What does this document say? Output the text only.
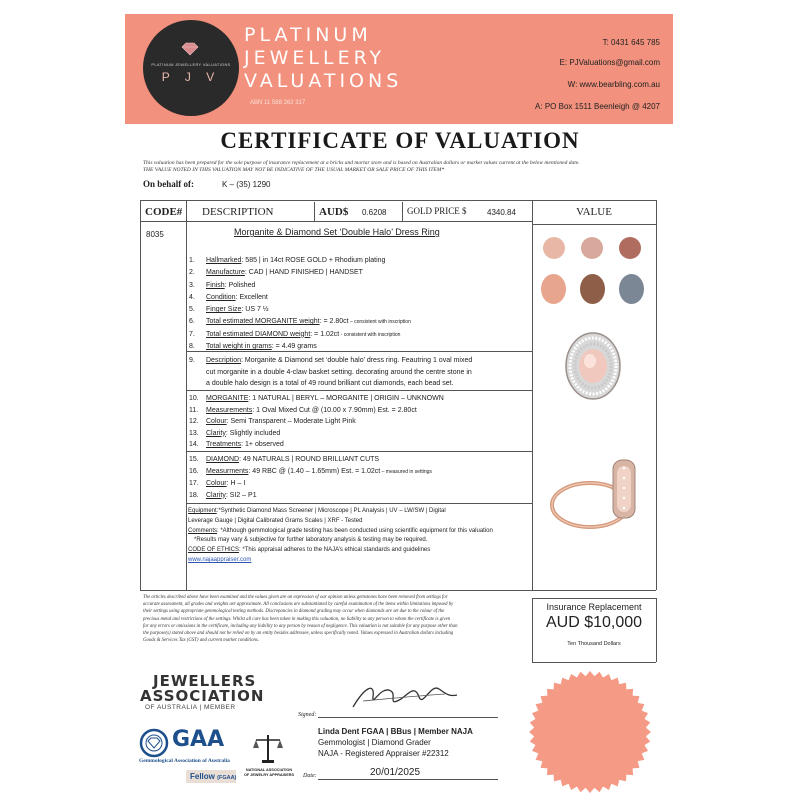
PLATINUM JEWELLERY VALUATIONS
P J V
PLATINUM
JEWELLERY
VALUATIONS
ABN 11 588 262 317
T: 0431 645 785
E: PJValuations@gmail.com
W: www.bearbling.com.au
A: PO Box 1511 Beenleigh @ 4207
CERTIFICATE OF VALUATION
This valuation has been prepared for the sole purpose of insurance replacement at a bricks and mortar store and is based on Australian dollars or market values current at the below mentioned date.
THE VALUE NOTED IN THIS VALUATION MAY NOT BE INDICATIVE OF THE USUAL MARKET OR SALE PRICE OF THIS ITEM*
On behalf of:	K – (35) 1290
CODE# DESCRIPTION	AUD$ 0.6208 GOLD PRICE $	4340.84	VALUE
8035	Morganite & Diamond Set ‘Double Halo’ Dress Ring
1. Hallmarked: 585 | in 14ct ROSE GOLD + Rhodium plating
2. Manufacture: CAD | HAND FINISHED | HANDSET
3. Finish: Polished
4. Condition: Excellent
5. Finger Size: US 7 ½
6. Total estimated MORGANITE weight: = 2.80ct – consistent with inscription
7. Total estimated DIAMOND weight: = 1.02ct - consistent with inscription
8. Total weight in grams: = 4.49 grams
9. Description: Morganite & Diamond set ‘double halo’ dress ring. Feautring 1 oval mixed
cut morganite in a double 4-claw basket setting. decorating around the centre stone in
a double halo design is a total of 49 round brilliant cut diamonds, each bead set.
10. MORGANITE: 1 NATURAL | BERYL – MORGANITE | ORIGIN – UNKNOWN
11. Measurements: 1 Oval Mixed Cut @ (10.00 x 7.90mm) Est. = 2.80ct
12. Colour: Semi Transparent – Moderate Light Pink
13. Clarity: Slightly included
14. Treatments: 1+ observed
15. DIAMOND: 49 NATURALS | ROUND BRILLIANT CUTS
16. Measurments: 49 RBC @ (1.40 – 1.65mm) Est. = 1.02ct – measured in settings
17. Colour: H – I
18. Clarity: SI2 – P1
Equipment:*Synthetic Diamond Mass Screener | Microscope | PL Analysis | UV – LW/SW | Digital
Leverage Gauge | Digital Calibrated Grams Scales | XRF - Tested
Comments: *Although gemmological grade testing has been conducted using scientific equipment for this valuation
*Results may vary & subjective for further laboratory analysis & testing may be required.
CODE OF ETHICS: *This appraisal adheres to the NAJA’s ethical standards and guidelines
www.najaappraiser.com
The articles described above have been examined and the values given are an expression of our opinion unless gemstones have been removed from settings for
accurate assessment, all grades and weights are approximate. All conclusions are substantiated by careful examination of the items within limitations imposed by
their settings using appropriate gemmological testing methods. Discrepancies in diamond grading may occur when diamonds are set due to the colour of the
precious metal and restrictions of the settings. Whilst all care has been taken in making this valuation, no liability to any person to whom the certificate is given
for any errors or omissions in the certificate, including any liability to any person by reason of negligence. This valuation is not suitable for any purpose other than
the purpose(s) stated above and should not be relied on by an entity besides addressee, unless specifically noted. Values expressed in Australian dollars including
Goods & Services Tax (GST) and current market conditions.
Insurance Replacement
AUD $10,000
Ten Thousand Dollars
JEWELLERS
ASSOCIATION
OF AUSTRALIA | MEMBER
GAA
Gemmological Association of Australia
Fellow (FGAA)
NATIONAL ASSOCIATION OF JEWELRY APPRAISERS
Signed:
Linda Dent FGAA | BBus | Member NAJA
Gemmologist | Diamond Grader
NAJA - Registered Appraiser #22312
Date:	20/01/2025
